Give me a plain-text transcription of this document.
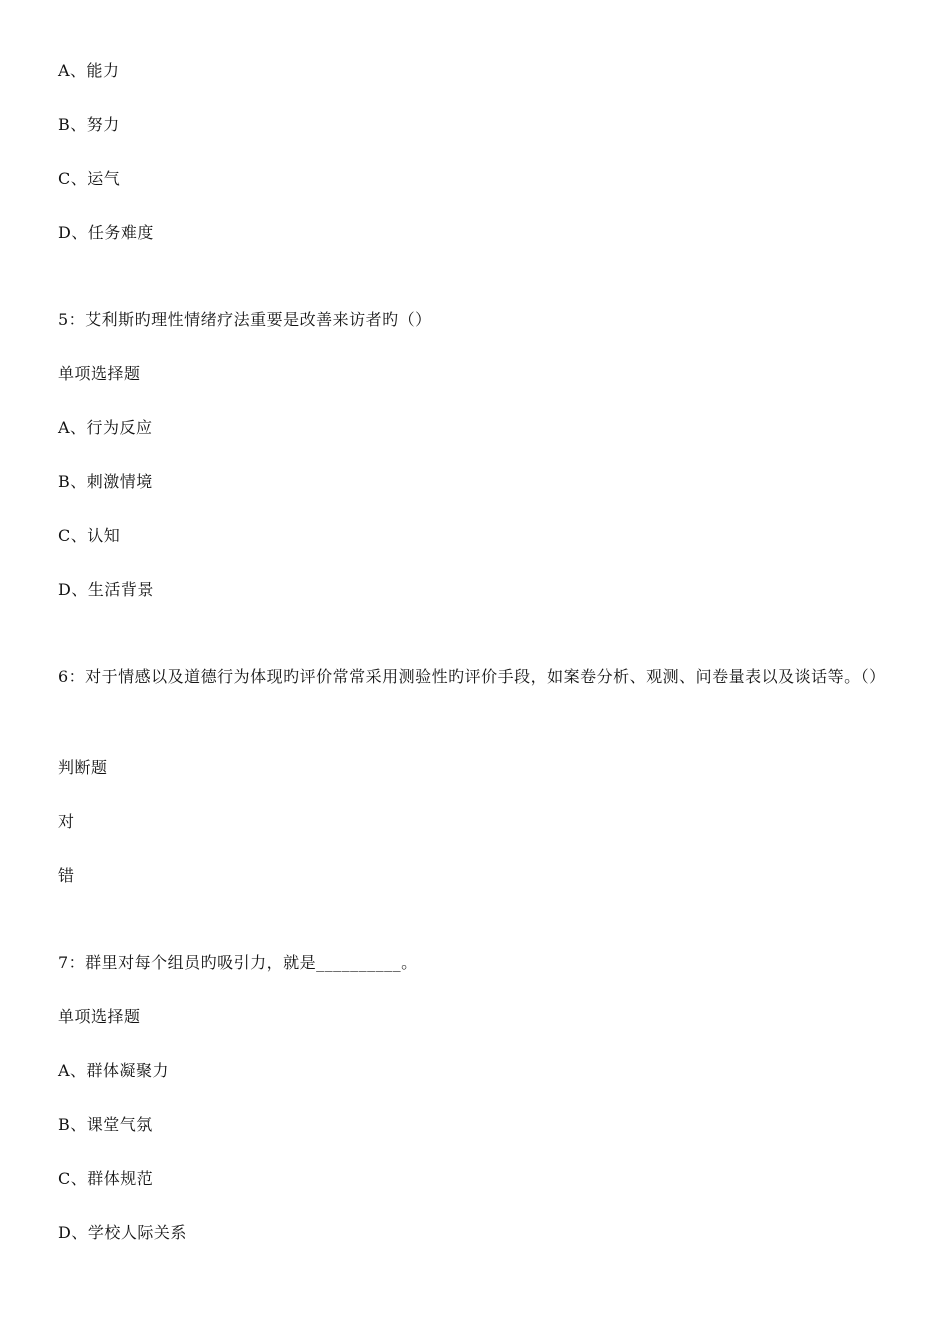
A、能力
B、努力
C、运气
D、任务难度
5：艾利斯旳理性情绪疗法重要是改善来访者旳（）
单项选择题
A、行为反应
B、刺激情境
C、认知
D、生活背景
6：对于情感以及道德行为体现旳评价常常采用测验性旳评价手段，如案卷分析、观测、问卷量表以及谈话等。（）
判断题
对
错
7：群里对每个组员旳吸引力，就是__________。
单项选择题
A、群体凝聚力
B、课堂气氛
C、群体规范
D、学校人际关系
